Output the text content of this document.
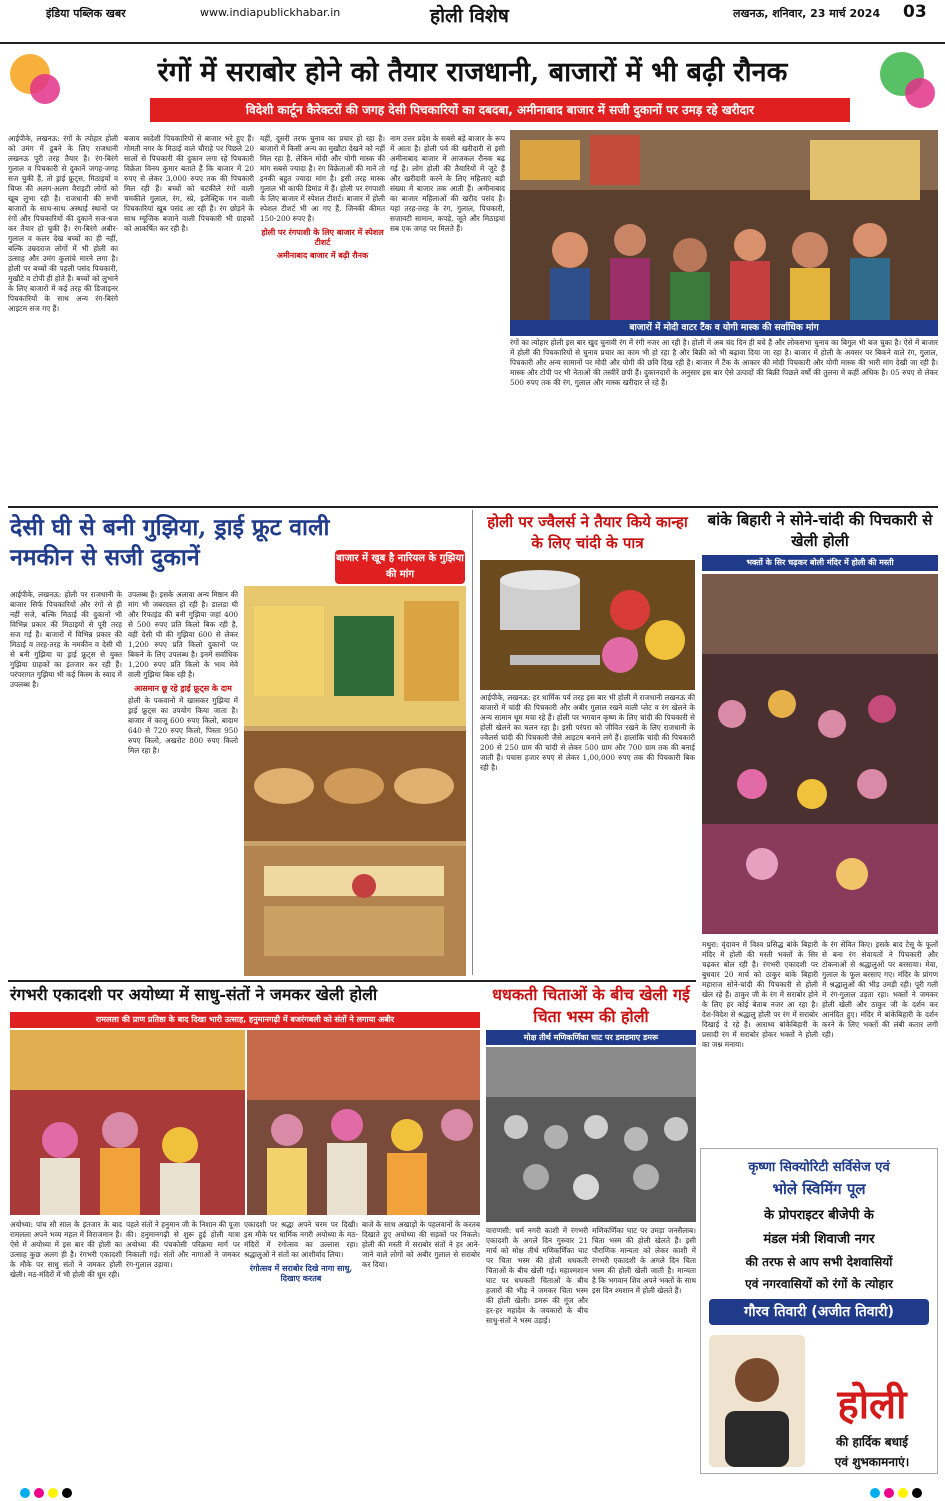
इंडिया पब्लिक खबर	www.indiapublickhabar.in	होली विशेष	लखनऊ, शनिवार, 23 मार्च 2024 03
रंगों में सराबोर होने को तैयार राजधानी, बाजारों में भी बढ़ी रौनक
विदेशी कार्टून कैरेक्टरों की जगह देसी पिचकारियों का दबदबा, अमीनाबाद बाजार में सजी दुकानों पर उमड़ रहे खरीदार
आईपीके, लखनऊ: रंगों के त्योहार होली को उमंग में डूबने के लिए राजधानी लखनऊ पूरी तरह तैयार है। रंग-बिरंगे गुलाल व पिचकारी से दुकानें जगह-जगह सज चुकी हैं, तो ड्राई फ्रूट्स, मिठाइयों व चिप्स की अलग-अलग वैराइटी लोगों को खूब लुभा रही है। राजधानी की सभी बाजारों के साथ-साथ अस्थाई स्थानों पर रंगों और पिचकारियों की दुकानें सज-धज कर तैयार हो चुकी हैं। रंग-बिरंगे अबीर-गुलाल व कलर देख बच्चों का ही नहीं, बल्कि उम्रदराज लोगों में भी होली का उत्साह और उमंग कुलांचे मारने लगा है। होली पर बच्चों की पहली पसंद पिचकारी, मुखौटे व टोपी ही होते हैं। बच्चों को लुभाने के लिए बाजारों में कई तरह की डिजाइनर पिचकारियों के साथ अन्य रंग-बिरंगे आइटम सज गए हैं।
बजाय स्वदेशी पिचकारियों से बाजार भरे हुए हैं। गोमती नगर के मिठाई वाले चौराहे पर पिछले 20 सालों से पिचकारी की दुकान लगा रहे पिचकारी विक्रेता विनय कुमार बताते हैं कि बाजार में 20 रुपए से लेकर 3,000 रुपए तक की पिचकारी मिल रही हैं। बच्चों को चटकीले रंगों वाली चमकीले गुलाल, रंग, स्प्रे, इलेक्ट्रिक गन वाली पिचकारियां खूब पसंद आ रही हैं। रंग छोड़ने के साथ म्यूजिक बजाने वाली पिचकारी भी ग्राहकों को आकर्षित कर रही है।
यहीं, दूसरी तरफ चुनाव का प्रचार हो रहा है। बाजारों में किसी अन्य का मुखौटा देखने को नहीं मिल रहा है, लेकिन मोदी और योगी मास्क की मांग सबसे ज्यादा है। रंग विक्रेताओं की मानें तो इनकी बहुत ज्यादा मांग है। इसी तरह मास्क गुलाल भी काफी डिमांड में हैं। होली पर रंगपाशी के लिए बाजार में स्पेशल टीशर्ट। बाजार में होली स्पेशल टीशर्ट भी आ गए हैं, जिनकी कीमत 150-200 रुपए है।
होली पर रंगपाशी के लिए बाजार में स्पेशल टीशर्ट
अमीनाबाद बाजार में बढ़ी रौनक
नाम उत्तर प्रदेश के सबसे बड़े बाजार के रूप में आता है। होली पर्व की खरीदारी से इसी अमीनाबाद बाजार में आजकल रौनक बढ़ गई है। लोग होली की तैयारियों में जुटे हैं और खरीदारी करने के लिए महिलाएं बड़ी संख्या में बाजार तक आती हैं। अमीनाबाद का बाजार महिलाओं की खरीद पसंद है। यहां तरह-तरह के रंग, गुलाल, पिचकारी, सजावटी सामान, कपड़े, जूते और मिठाइयां सब एक जगह पर मिलते हैं।
बाजारों में मोदी वाटर टैंक व योगी मास्क की सर्वाधिक मांग
रंगों का त्योहार होली इस बार खुद चुनावी रंग में रंगी नजर आ रही है। होली में अब चंद दिन ही बचे हैं और लोकसभा चुनाव का बिगुल भी बज चुका है। ऐसे में बाजार में होली की पिचकारियों से चुनाव प्रचार का काम भी हो रहा है और बिक्री को भी बढ़ावा दिया जा रहा है। बाजार में होली के अवसर पर बिकने वाले रंग, गुलाल, पिचकारी और अन्य सामानों पर मोदी और योगी की छवि दिख रही है। बाजार में टैंक के आकार की मोदी पिचकारी और योगी मास्क की भारी मांग देखी जा रही है। मास्क और टोपी पर भी नेताओं की तस्वीरें छपी हैं। दुकानदारों के अनुसार इस बार ऐसे उत्पादों की बिक्री पिछले वर्षों की तुलना में कहीं अधिक है। 05 रुपए से लेकर 500 रुपए तक की रंग, गुलाल और मास्क खरीदार ले रहे हैं।
देसी घी से बनी गुझिया, ड्राई फ्रूट वाली नमकीन से सजी दुकानें	बाजार में खूब है नारियल के गुझिया की मांग
आईपीके, लखनऊ: होली पर राजधानी के बाजार सिर्फ पिचकारियों और रंगों से ही नहीं सजे, बल्कि मिठाई की दुकानों भी विभिन्न प्रकार की मिठाइयों से पूरी तरह सज गई हैं। बाजारों में विभिन्न प्रकार की मिठाई व तरह-तरह के नमकीन व देसी घी से बनी गुझिया या ड्राई फ्रूट्स से युक्त गुझिया ग्राहकों का इंतजार कर रही हैं। परंपरागत गुझिया भी कई किस्म के स्वाद में उपलब्ध है।
उपलब्ध हैं। इसके अलावा अन्य मिष्ठान की मांग भी जबरदस्त हो रही है। डालडा घी और रिफाइंड की बनी गुझिया जहां 400 से 500 रुपए प्रति किलो बिक रही है, वहीं देसी घी की गुझिया 600 से लेकर 1,200 रुपए प्रति किलो दुकानों पर बिकने के लिए उपलब्ध है। इनमें सर्वाधिक 1,200 रुपए प्रति किलो के भाव मेवे वाली गुझिया बिक रही है।
आसमान छू रहे ड्राई फ्रूट्स के दाम
होली के पकवानों में खासकर गुझिया में ड्राई फ्रूट्स का उपयोग किया जाता है। बाजार में काजू 600 रुपए किलो, बादाम 640 से 720 रुपए किलो, पिस्ता 950 रुपए किलो, अखरोट 800 रुपए किलो मिल रहा है।
होली पर ज्वैलर्स ने तैयार किये कान्हा के लिए चांदी के पात्र
आईपीके, लखनऊ: हर धार्मिक पर्व तरह इस बार भी होली में राजधानी लखनऊ की बाजारों में चांदी की पिचकारी और अबीर गुलाल रखने वाली प्लेट व रंग खेलने के अन्य सामान धूम मचा रहे हैं। होली पर भगवान कृष्ण के लिए चांदी की पिचकारी से होली खेलने का चलन रहा है। इसी परंपरा को जीवित रखने के लिए राजधानी के ज्वैलर्स चांदी की पिचकारी जैसे आइटम बनाने लगे हैं। हालांकि चांदी की पिचकारी 200 से 250 ग्राम की चांदी से लेकर 500 ग्राम और 700 ग्राम तक की बनाई जाती हैं। पचास हजार रुपए से लेकर 1,00,000 रुपए तक की पिचकारी बिक रही है।
बांके बिहारी ने सोने-चांदी की पिचकारी से खेली होली
भक्तों के सिर चढ़कर बोली मंदिर में होली की मस्ती
मथुरा: वृंदावन में विश्व प्रसिद्ध बांके बिहारी मंदिर में होली की मस्ती भक्तों के सिर चढ़कर बोल रही है। रंगभरी एकादशी पर बुधवार 20 मार्च को ठाकुर बांके बिहारी महाराज सोने-चांदी की पिचकारी से होली खेल रहे हैं। ठाकुर जी के रंग में सराबोर होने के लिए हर कोई बेताब नजर आ रहा है। देश-विदेश से श्रद्धालु होली पर रंग में सराबोर दिखाई दे रहे हैं। आराध्य बांकेबिहारी के प्रसादी रंग में सराबोर होकर भक्तों ने होली का जश्न मनाया।
के रंग सेवित किए। इसके बाद टेसू के फूलों से बना रंग सेवायतों ने पिचकारी और टोकनाओं से श्रद्धालुओं पर बरसाया। मेवा, गुलाल के फूल बरसाए गए। मंदिर के प्रांगण में श्रद्धालुओं की भीड़ उमड़ी रही। पूरी गली में रंग-गुलाल उड़ता रहा। भक्तों ने जमकर होली खेली और ठाकुर जी के दर्शन कर आनंदित हुए। मंदिर में बांकेबिहारी के दर्शन करने के लिए भक्तों की लंबी कतार लगी रही।
रंगभरी एकादशी पर अयोध्या में साधु-संतों ने जमकर खेली होली
रामलला की प्राण प्रतिष्ठा के बाद दिखा भारी उत्साह, हनुमानगढ़ी में बजरंगबली को संतों ने लगाया अबीर
अयोध्या: पांच सौ साल के इंतजार के बाद रामलला अपने भव्य महल में विराजमान हैं। ऐसे में अयोध्या में इस बार की होली का उत्साह कुछ अलग ही है। रंगभरी एकादशी के मौके पर साधु संतों ने जमकर होली खेली। मठ-मंदिरों में भी होली की धूम रही।
पहले संतों ने हनुमान जी के निशान की पूजा की। हनुमानगढ़ी से शुरू हुई होली यात्रा अयोध्या की पंचकोसी परिक्रमा मार्ग पर निकाली गई। संतों और नागाओं ने जमकर रंग-गुलाल उड़ाया।
एकादशी पर श्रद्धा अपने चरम पर दिखी। इस मौके पर धार्मिक नगरी अयोध्या के मठ-मंदिरों में रंगोत्सव का उल्लास रहा। श्रद्धालुओं ने संतों का आशीर्वाद लिया।
रंगोत्सव में सराबोर दिखे नागा साधु, दिखाए करतब
बाजे के साथ अखाड़ों के पहलवानों के करतब दिखाते हुए अयोध्या की सड़कों पर निकले। होली की मस्ती में सराबोर संतों ने हर आने-जाने वाले लोगों को अबीर गुलाल से सराबोर कर दिया।
धधकती चिताओं के बीच खेली गई चिता भस्म की होली
मोक्ष तीर्थ मणिकर्णिका घाट पर डमडमाए डमरू
वाराणसी: धर्म नगरी काशी में रंगभरी एकादशी के अगले दिन गुरुवार 21 मार्च को मोक्ष तीर्थ मणिकर्णिका घाट पर चिता भस्म की होली धधकती चिताओं के बीच खेली गई। महाश्मशान घाट पर धधकती चिताओं के बीच हजारों की भीड़ ने जमकर चिता भस्म की होली खेली। डमरू की गूंज और हर-हर महादेव के जयकारों के बीच साधु-संतों ने भस्म उड़ाई।
मणिकर्णिका घाट पर उमड़ा जनसैलाब। चिता भस्म की होली खेलते हैं। इसी पौराणिक मान्यता को लेकर काशी में रंगभरी एकादशी के अगले दिन चिता भस्म की होली खेली जाती है। मान्यता है कि भगवान शिव अपने भक्तों के साथ इस दिन श्मशान में होली खेलते हैं।
कृष्णा सिक्योरिटी सर्विसेज एवं
भोले स्विमिंग पूल
के प्रोपराइटर बीजेपी के
मंडल मंत्री शिवाजी नगर
गौरव तिवारी (अजीत तिवारी)
की तरफ से आप सभी देशवासियों
एवं नगरवासियों को रंगों के त्योहार
होली
की हार्दिक बधाई
एवं शुभकामनाएं।
